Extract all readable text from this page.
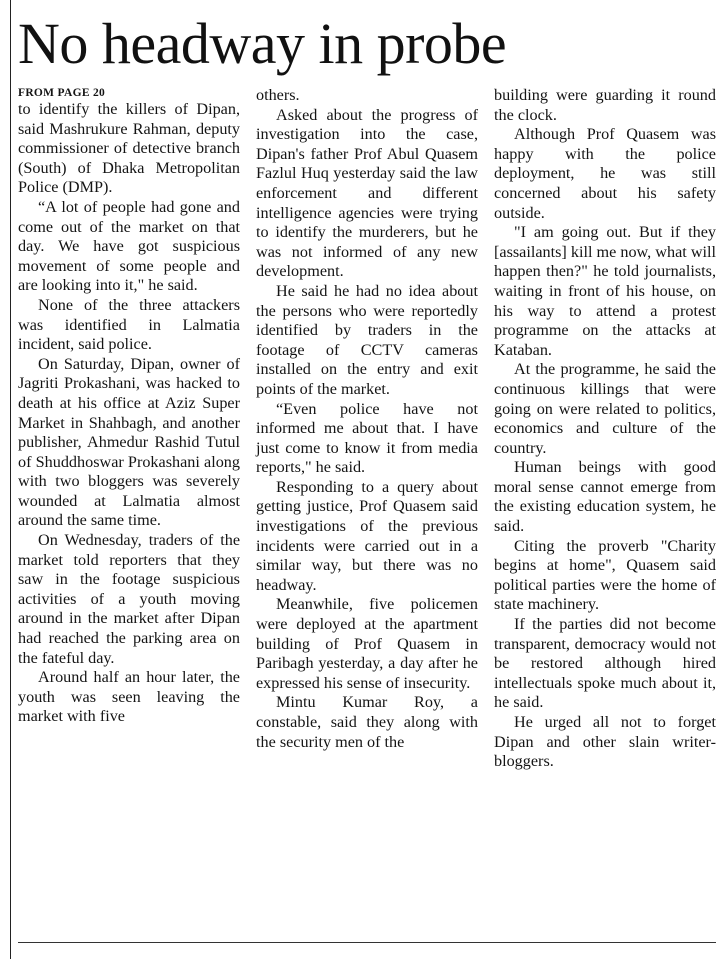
No headway in probe

FROM PAGE 20

to identify the killers of Dipan, said Mashrukure Rahman, deputy commissioner of detective branch (South) of Dhaka Metropolitan Police (DMP).

“A lot of people had gone and come out of the market on that day. We have got suspicious movement of some people and are looking into it," he said.

None of the three attackers was identified in Lalmatia incident, said police.

On Saturday, Dipan, owner of Jagriti Prokashani, was hacked to death at his office at Aziz Super Market in Shahbagh, and another publisher, Ahmedur Rashid Tutul of Shuddhoswar Prokashani along with two bloggers was severely wounded at Lalmatia almost around the same time.

On Wednesday, traders of the market told reporters that they saw in the footage suspicious activities of a youth moving around in the market after Dipan had reached the parking area on the fateful day.

Around half an hour later, the youth was seen leaving the market with five

others.

Asked about the progress of investigation into the case, Dipan's father Prof Abul Quasem Fazlul Huq yesterday said the law enforcement and different intelligence agencies were trying to identify the murderers, but he was not informed of any new development.

He said he had no idea about the persons who were reportedly identified by traders in the footage of CCTV cameras installed on the entry and exit points of the market.

“Even police have not informed me about that. I have just come to know it from media reports," he said.

Responding to a query about getting justice, Prof Quasem said investigations of the previous incidents were carried out in a similar way, but there was no headway.

Meanwhile, five policemen were deployed at the apartment building of Prof Quasem in Paribagh yesterday, a day after he expressed his sense of insecurity.

Mintu Kumar Roy, a constable, said they along with the security men of the

building were guarding it round the clock.

Although Prof Quasem was happy with the police deployment, he was still concerned about his safety outside.

"I am going out. But if they [assailants] kill me now, what will happen then?" he told journalists, waiting in front of his house, on his way to attend a protest programme on the attacks at Kataban.

At the programme, he said the continuous killings that were going on were related to politics, economics and culture of the country.

Human beings with good moral sense cannot emerge from the existing education system, he said.

Citing the proverb "Charity begins at home", Quasem said political parties were the home of state machinery.

If the parties did not become transparent, democracy would not be restored although hired intellectuals spoke much about it, he said.

He urged all not to forget Dipan and other slain writer-bloggers.
